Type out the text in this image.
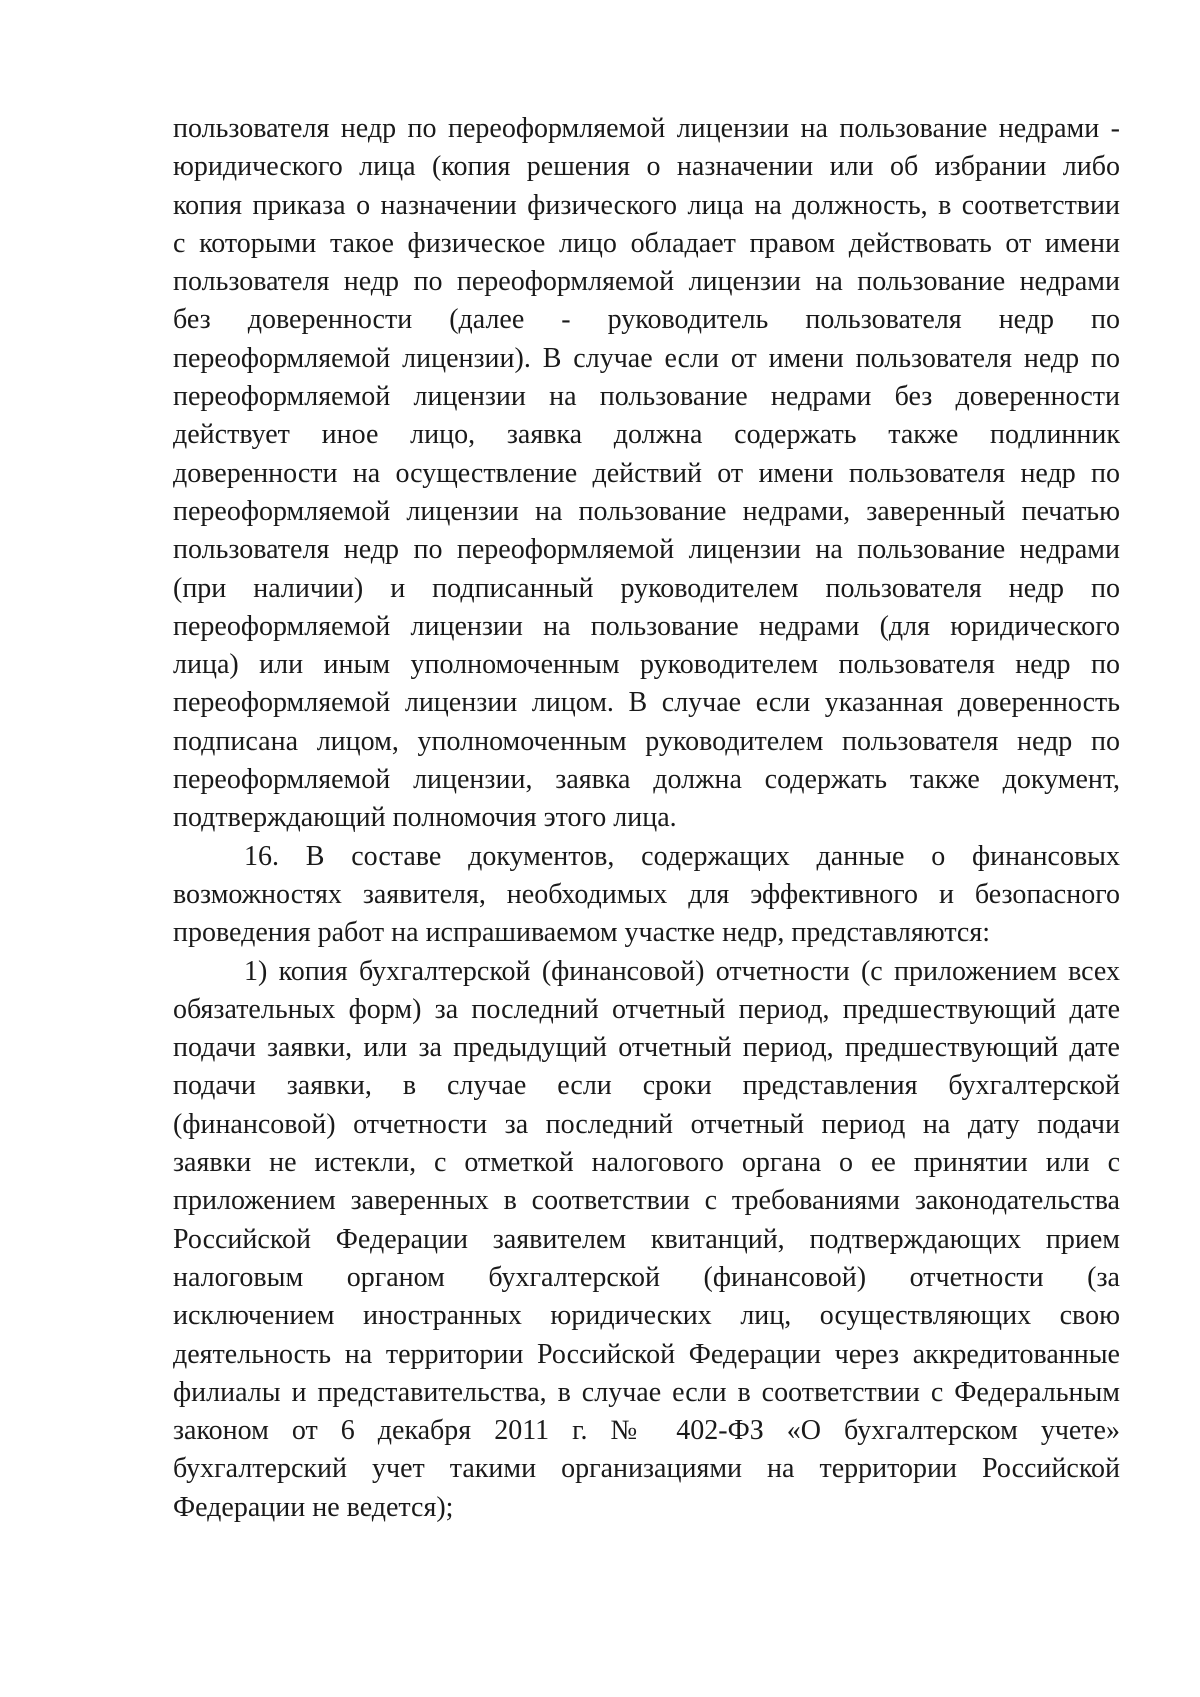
пользователя недр по переоформляемой лицензии на пользование недрами -
юридического лица (копия решения о назначении или об избрании либо
копия приказа о назначении физического лица на должность, в соответствии
с которыми такое физическое лицо обладает правом действовать от имени
пользователя недр по переоформляемой лицензии на пользование недрами
без доверенности (далее - руководитель пользователя недр по
переоформляемой лицензии). В случае если от имени пользователя недр по
переоформляемой лицензии на пользование недрами без доверенности
действует иное лицо, заявка должна содержать также подлинник
доверенности на осуществление действий от имени пользователя недр по
переоформляемой лицензии на пользование недрами, заверенный печатью
пользователя недр по переоформляемой лицензии на пользование недрами
(при наличии) и подписанный руководителем пользователя недр по
переоформляемой лицензии на пользование недрами (для юридического
лица) или иным уполномоченным руководителем пользователя недр по
переоформляемой лицензии лицом. В случае если указанная доверенность
подписана лицом, уполномоченным руководителем пользователя недр по
переоформляемой лицензии, заявка должна содержать также документ,
подтверждающий полномочия этого лица.
16. В составе документов, содержащих данные о финансовых
возможностях заявителя, необходимых для эффективного и безопасного
проведения работ на испрашиваемом участке недр, представляются:
1) копия бухгалтерской (финансовой) отчетности (с приложением всех
обязательных форм) за последний отчетный период, предшествующий дате
подачи заявки, или за предыдущий отчетный период, предшествующий дате
подачи заявки, в случае если сроки представления бухгалтерской
(финансовой) отчетности за последний отчетный период на дату подачи
заявки не истекли, с отметкой налогового органа о ее принятии или с
приложением заверенных в соответствии с требованиями законодательства
Российской Федерации заявителем квитанций, подтверждающих прием
налоговым органом бухгалтерской (финансовой) отчетности (за
исключением иностранных юридических лиц, осуществляющих свою
деятельность на территории Российской Федерации через аккредитованные
филиалы и представительства, в случае если в соответствии с Федеральным
законом от 6 декабря 2011 г. № 402-ФЗ «О бухгалтерском учете»
бухгалтерский учет такими организациями на территории Российской
Федерации не ведется);
